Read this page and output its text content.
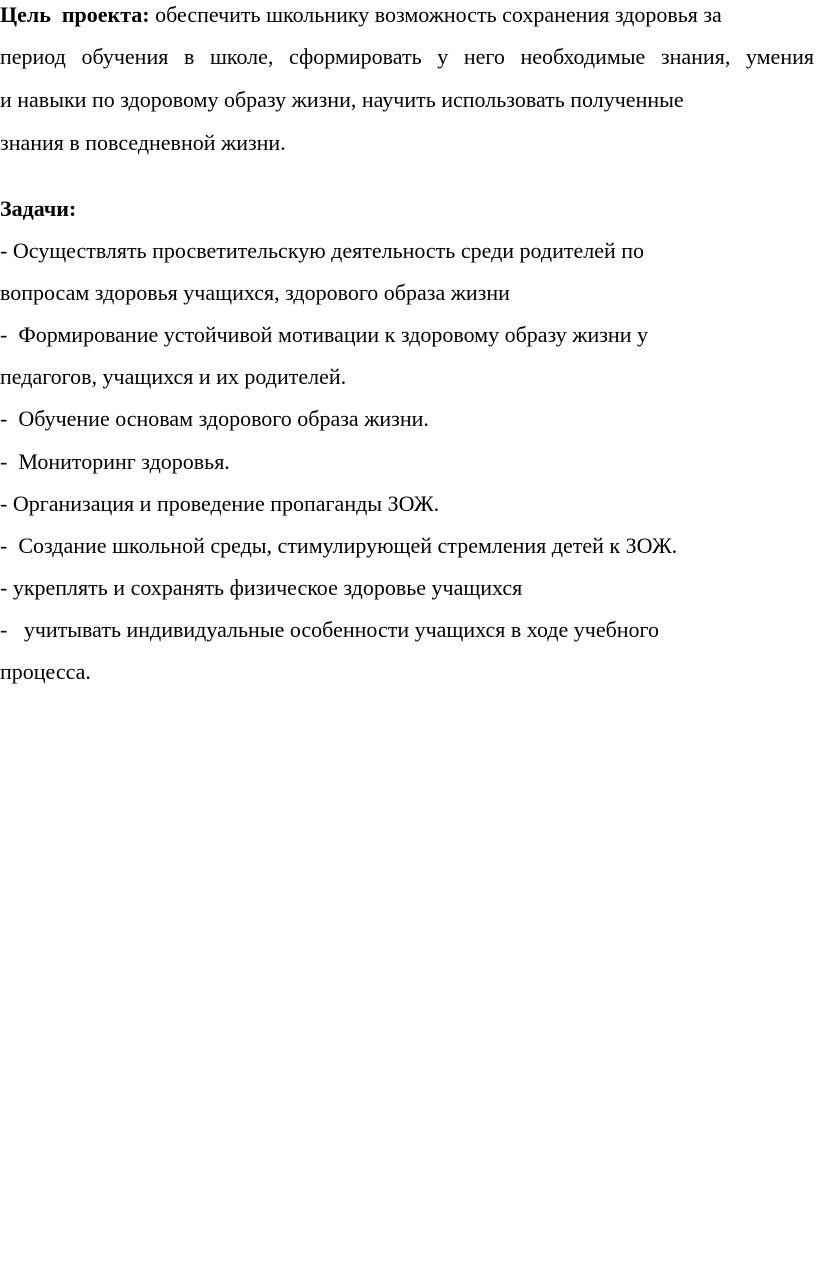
Цель  проекта: обеспечить школьнику возможность сохранения здоровья за

период обучения в школе, сформировать у него необходимые знания, умения

и навыки по здоровому образу жизни, научить использовать полученные

знания в повседневной жизни.

Задачи:

- Осуществлять просветительскую деятельность среди родителей по

вопросам здоровья учащихся, здорового образа жизни

-  Формирование устойчивой мотивации к здоровому образу жизни у

педагогов, учащихся и их родителей.

-  Обучение основам здорового образа жизни.

-  Мониторинг здоровья.

- Организация и проведение пропаганды ЗОЖ.

-  Создание школьной среды, стимулирующей стремления детей к ЗОЖ.

- укреплять и сохранять физическое здоровье учащихся

-   учитывать индивидуальные особенности учащихся в ходе учебного

процесса.
